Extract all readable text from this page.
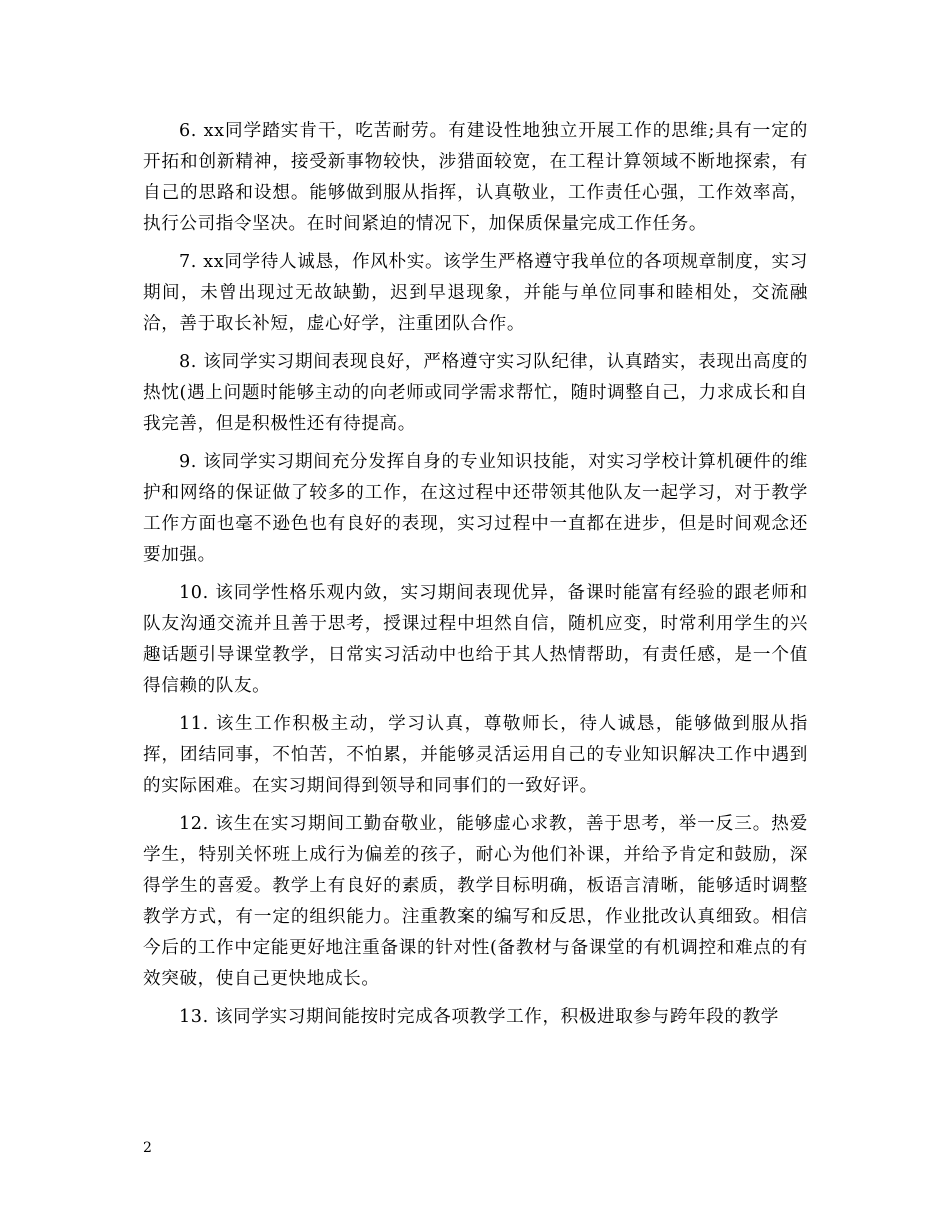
6. xx同学踏实肯干，吃苦耐劳。有建设性地独立开展工作的思维;具有一定的开拓和创新精神，接受新事物较快，涉猎面较宽，在工程计算领域不断地探索，有自己的思路和设想。能够做到服从指挥，认真敬业，工作责任心强，工作效率高，执行公司指令坚决。在时间紧迫的情况下，加保质保量完成工作任务。

7. xx同学待人诚恳，作风朴实。该学生严格遵守我单位的各项规章制度，实习期间，未曾出现过无故缺勤，迟到早退现象，并能与单位同事和睦相处，交流融洽，善于取长补短，虚心好学，注重团队合作。

8. 该同学实习期间表现良好，严格遵守实习队纪律，认真踏实，表现出高度的热忱(遇上问题时能够主动的向老师或同学需求帮忙，随时调整自己，力求成长和自我完善，但是积极性还有待提高。

9. 该同学实习期间充分发挥自身的专业知识技能，对实习学校计算机硬件的维护和网络的保证做了较多的工作，在这过程中还带领其他队友一起学习，对于教学工作方面也毫不逊色也有良好的表现，实习过程中一直都在进步，但是时间观念还要加强。

10. 该同学性格乐观内敛，实习期间表现优异，备课时能富有经验的跟老师和队友沟通交流并且善于思考，授课过程中坦然自信，随机应变，时常利用学生的兴趣话题引导课堂教学，日常实习活动中也给于其人热情帮助，有责任感，是一个值得信赖的队友。

11. 该生工作积极主动，学习认真，尊敬师长，待人诚恳，能够做到服从指挥，团结同事，不怕苦，不怕累，并能够灵活运用自己的专业知识解决工作中遇到的实际困难。在实习期间得到领导和同事们的一致好评。

12. 该生在实习期间工勤奋敬业，能够虚心求教，善于思考，举一反三。热爱学生，特别关怀班上成行为偏差的孩子，耐心为他们补课，并给予肯定和鼓励，深得学生的喜爱。教学上有良好的素质，教学目标明确，板语言清晰，能够适时调整教学方式，有一定的组织能力。注重教案的编写和反思，作业批改认真细致。相信今后的工作中定能更好地注重备课的针对性(备教材与备课堂的有机调控和难点的有效突破，使自己更快地成长。

13. 该同学实习期间能按时完成各项教学工作，积极进取参与跨年段的教学

2
